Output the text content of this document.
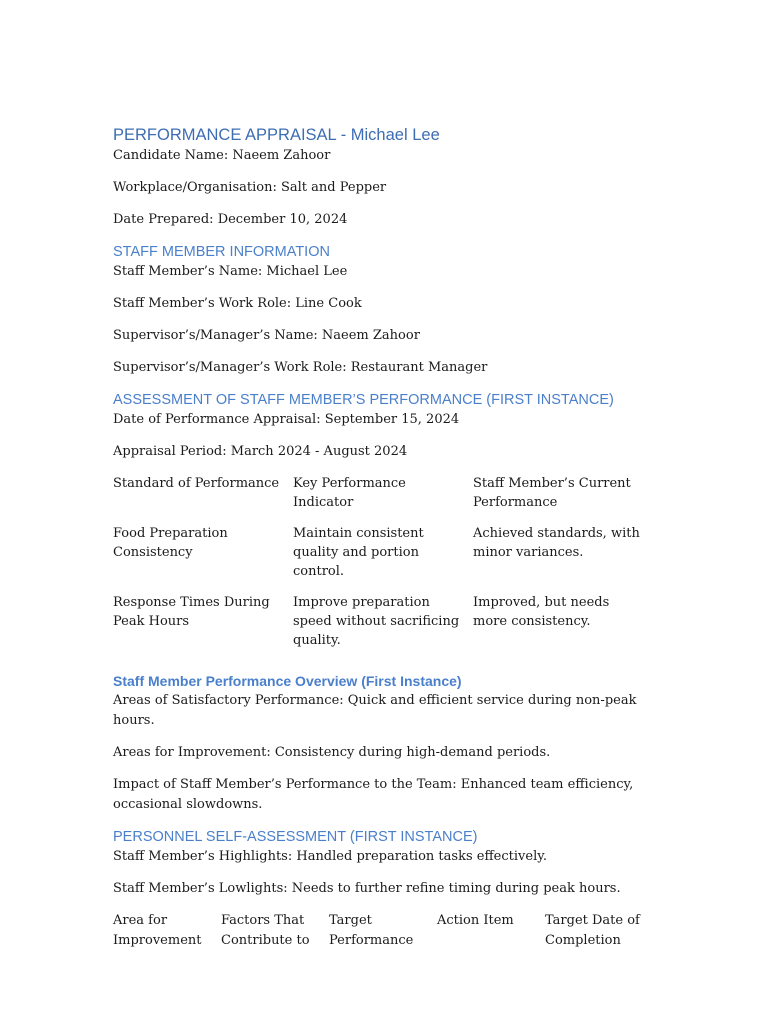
PERFORMANCE APPRAISAL - Michael Lee

Candidate Name: Naeem Zahoor

Workplace/Organisation: Salt and Pepper

Date Prepared: December 10, 2024

STAFF MEMBER INFORMATION

Staff Member’s Name: Michael Lee

Staff Member’s Work Role: Line Cook

Supervisor’s/Manager’s Name: Naeem Zahoor

Supervisor’s/Manager’s Work Role: Restaurant Manager

ASSESSMENT OF STAFF MEMBER’S PERFORMANCE (FIRST INSTANCE)

Date of Performance Appraisal: September 15, 2024

Appraisal Period: March 2024 - August 2024

Standard of Performance	Key Performance Indicator
Staff Member’s Current Performance
Food Preparation Consistency
Maintain consistent quality and portion control.
Achieved standards, with minor variances.
Response Times During Peak Hours
Improve preparation speed without sacrificing quality.
Improved, but needs more consistency.
Staff Member Performance Overview (First Instance)

Areas of Satisfactory Performance: Quick and efficient service during non-peak hours.

Areas for Improvement: Consistency during high-demand periods.

Impact of Staff Member’s Performance to the Team: Enhanced team efficiency, occasional slowdowns.

PERSONNEL SELF-ASSESSMENT (FIRST INSTANCE)

Staff Member’s Highlights: Handled preparation tasks effectively.

Staff Member’s Lowlights: Needs to further refine timing during peak hours.

Area for Improvement
Factors That Contribute to
Target Performance
Action Item	Target Date of Completion
